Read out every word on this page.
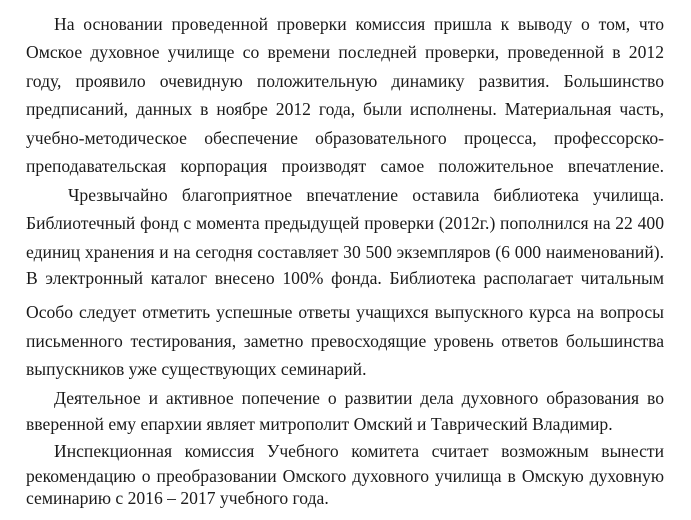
На основании проведенной проверки комиссия пришла к выводу о том, что
Омское духовное училище со времени последней проверки, проведенной в 2012
году, проявило очевидную положительную динамику развития. Большинство
предписаний, данных в ноябре 2012 года, были исполнены. Материальная часть,
учебно-методическое обеспечение образовательного процесса, профессорско-
преподавательская корпорация производят самое положительное впечатление.
Чрезвычайно благоприятное впечатление оставила библиотека училища.
Библиотечный фонд с момента предыдущей проверки (2012г.) пополнился на 22 400
единиц хранения и на сегодня составляет 30 500 экземпляров (6 000 наименований).
В электронный каталог внесено 100% фонда. Библиотека располагает читальным
Особо следует отметить успешные ответы учащихся выпускного курса на вопросы
письменного тестирования, заметно превосходящие уровень ответов большинства
выпускников уже существующих семинарий.
Деятельное и активное попечение о развитии дела духовного образования во
вверенной ему епархии являет митрополит Омский и Таврический Владимир.
Инспекционная комиссия Учебного комитета считает возможным вынести
рекомендацию о преобразовании Омского духовного училища в Омскую духовную
семинарию с 2016 – 2017 учебного года.
